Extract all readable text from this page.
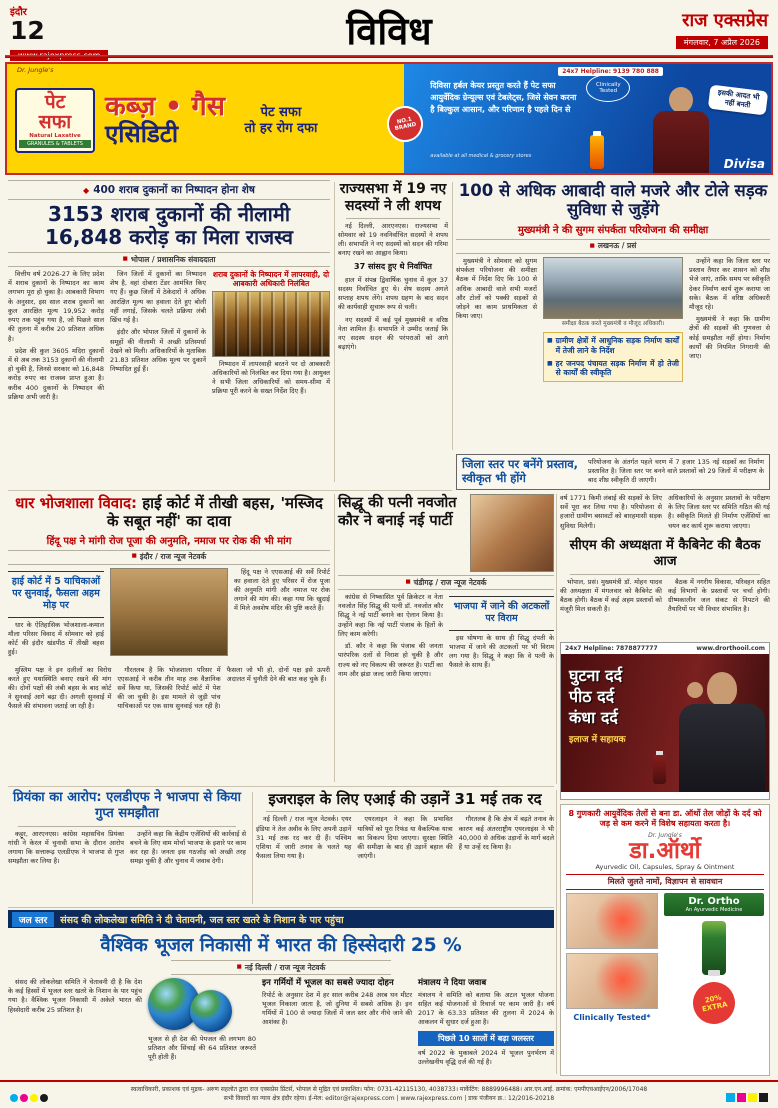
इंदौर
12	विविध	राज एक्सप्रेस
मंगलवार, 7 अप्रैल 2026
Dr. Jungle's
पेट
सफा
Natural Laxative
GRANULES & TABLETS
कब्ज़ • गैस
एसिडिटी
पेट सफा
तो हर रोग दफा	NO.1 BRAND
24x7 Helpline: 9139 780 888
दिविसा हर्बल केयर प्रस्तुत करते हैं पेट सफा आयुर्वेदिक ग्रेन्यूल्स एवं टेबलेट्स, जिसे सेवन करना है बिल्कुल आसान, और परिणाम है पहले दिन से
available at all medical & grocery stores
Clinically Tested	इसकी आदत भी नहीं बनती
Divisa
◆ 400 शराब दुकानों का निष्पादन होना शेष
3153 शराब दुकानों की नीलामी 16,848 करोड़ का मिला राजस्व
■ भोपाल / प्रशासनिक संवाददाता

वित्तीय वर्ष 2026-27 के लिए प्रदेश में शराब दुकानों के निष्पादन का काम लगभग पूरा हो चुका है। आबकारी विभाग के अनुसार, इस साल शराब दुकानों का कुल आरक्षित मूल्य 19,952 करोड़ रुपए तक पहुंच गया है, जो पिछले साल की तुलना में करीब 20 प्रतिशत अधिक है।

प्रदेश की कुल 3605 मदिरा दुकानों में से अब तक 3153 दुकानों की नीलामी हो चुकी है, जिनसे सरकार को 16,848 करोड़ रुपए का राजस्व प्राप्त हुआ है। करीब 400 दुकानों के निष्पादन की प्रक्रिया अभी जारी है।

जिन जिलों में दुकानों का निष्पादन शेष है, वहां दोबारा टेंडर आमंत्रित किए गए हैं। कुछ जिलों में ठेकेदारों ने अधिक आरक्षित मूल्य का हवाला देते हुए बोली नहीं लगाई, जिसके चलते प्रक्रिया लंबी खिंच गई है।

इंदौर और भोपाल जिलों में दुकानों के समूहों की नीलामी में अच्छी प्रतिस्पर्धा देखने को मिली। अधिकारियों के मुताबिक 21.83 प्रतिशत अधिक मूल्य पर दुकानें निष्पादित हुई हैं।

शराब दुकानों के निष्पादन में लापरवाही, दो आबकारी अधिकारी निलंबित

निष्पादन में लापरवाही बरतने पर दो आबकारी अधिकारियों को निलंबित कर दिया गया है। आयुक्त ने सभी जिला अधिकारियों को समय-सीमा में प्रक्रिया पूरी करने के सख्त निर्देश दिए हैं।

राज्यसभा में 19 नए सदस्यों ने ली शपथ

नई दिल्ली, आरएनएस। राज्यसभा में सोमवार को 19 नवनिर्वाचित सदस्यों ने शपथ ली। सभापति ने नए सदस्यों को सदन की गरिमा बनाए रखने का आह्वान किया।

37 सांसद हुए थे निर्वाचित

हाल में संपन्न द्विवार्षिक चुनाव में कुल 37 सदस्य निर्वाचित हुए थे। शेष सदस्य अगले सप्ताह शपथ लेंगे। शपथ ग्रहण के बाद सदन की कार्यवाही सुचारू रूप से चली।

नए सदस्यों में कई पूर्व मुख्यमंत्री व वरिष्ठ नेता शामिल हैं। सभापति ने उम्मीद जताई कि नए सदस्य सदन की परंपराओं को आगे बढ़ाएंगे।

100 से अधिक आबादी वाले मजरे और टोले सड़क सुविधा से जुड़ेंगे
मुख्यमंत्री ने की सुगम संपर्कता परियोजना की समीक्षा
■ लखनऊ / प्रसं

मुख्यमंत्री ने सोमवार को सुगम संपर्कता परियोजना की समीक्षा बैठक में निर्देश दिए कि 100 से अधिक आबादी वाले सभी मजरों और टोलों को पक्की सड़कों से जोड़ने का काम प्राथमिकता से किया जाए।

समीक्षा बैठक करते मुख्यमंत्री व मौजूद अधिकारी।
■ ग्रामीण क्षेत्रों में आधुनिक सड़क निर्माण कार्यों में तेजी लाने के निर्देश
■ हर जनपद पंचायत सड़क निर्माण में हो तेजी से कार्यों की स्वीकृति

उन्होंने कहा कि जिला स्तर पर प्रस्ताव तैयार कर शासन को शीघ्र भेजे जाएं, ताकि समय पर स्वीकृति देकर निर्माण कार्य शुरू कराया जा सके। बैठक में वरिष्ठ अधिकारी मौजूद रहे।

मुख्यमंत्री ने कहा कि ग्रामीण क्षेत्रों की सड़कों की गुणवत्ता से कोई समझौता नहीं होगा। निर्माण कार्यों की नियमित निगरानी की जाए।

जिला स्तर पर बनेंगे प्रस्ताव, स्वीकृत भी होंगे

परियोजना के अंतर्गत पहले चरण में 7 हजार 135 नई सड़कों का निर्माण प्रस्तावित है। जिला स्तर पर बनने वाले प्रस्तावों को 29 जिलों में परीक्षण के बाद शीघ्र स्वीकृति दी जाएगी।

वर्ष 1771 किमी लंबाई की सड़कों के लिए सर्वे पूरा कर लिया गया है। परियोजना से हजारों ग्रामीण बसावटों को बारहमासी सड़क सुविधा मिलेगी।

अधिकारियों के अनुसार प्रस्तावों के परीक्षण के लिए जिला स्तर पर समिति गठित की गई है। स्वीकृति मिलते ही निर्माण एजेंसियों का चयन कर कार्य शुरू कराया जाएगा।

धार भोजशाला विवाद: हाई कोर्ट में तीखी बहस, 'मस्जिद के सबूत नहीं' का दावा
हिंदू पक्ष ने मांगी रोज पूजा की अनुमति, नमाज पर रोक की भी मांग
■ इंदौर / राज न्यूज नेटवर्क
हाई कोर्ट में 5 याचिकाओं पर सुनवाई, फैसला अहम मोड़ पर

धार के ऐतिहासिक भोजशाला-कमाल मौला परिसर विवाद में सोमवार को हाई कोर्ट की इंदौर खंडपीठ में तीखी बहस हुई।

हिंदू पक्ष ने एएसआई की सर्वे रिपोर्ट का हवाला देते हुए परिसर में रोज पूजा की अनुमति मांगी और नमाज पर रोक लगाने की मांग की। कहा गया कि खुदाई में मिले अवशेष मंदिर की पुष्टि करते हैं।

मुस्लिम पक्ष ने इन दलीलों का विरोध करते हुए यथास्थिति बनाए रखने की मांग की। दोनों पक्षों की लंबी बहस के बाद कोर्ट ने सुनवाई आगे बढ़ा दी। अगली सुनवाई में फैसले की संभावना जताई जा रही है।

गौरतलब है कि भोजशाला परिसर में एएसआई ने करीब तीन माह तक वैज्ञानिक सर्वे किया था, जिसकी रिपोर्ट कोर्ट में पेश की जा चुकी है। इस मामले से जुड़ी पांच याचिकाओं पर एक साथ सुनवाई चल रही है। फैसला जो भी हो, दोनों पक्ष इसे ऊपरी अदालत में चुनौती देने की बात कह चुके हैं।

सिद्धू की पत्नी नवजोत कौर ने बनाई नई पार्टी
■ चंडीगढ़ / राज न्यूज नेटवर्क

कांग्रेस से निष्कासित पूर्व क्रिकेटर व नेता नवजोत सिंह सिद्धू की पत्नी डॉ. नवजोत कौर सिद्धू ने नई पार्टी बनाने का ऐलान किया है। उन्होंने कहा कि नई पार्टी पंजाब के हितों के लिए काम करेगी।

डॉ. कौर ने कहा कि पंजाब की जनता पारंपरिक दलों से निराश हो चुकी है और राज्य को नए विकल्प की जरूरत है। पार्टी का नाम और झंडा जल्द जारी किया जाएगा।

भाजपा में जाने की अटकलों पर विराम

इस घोषणा के साथ ही सिद्धू दंपती के भाजपा में जाने की अटकलों पर भी विराम लग गया है। सिद्धू ने कहा कि वे पत्नी के फैसले के साथ हैं।

सीएम की अध्यक्षता में कैबिनेट की बैठक आज

भोपाल, प्रसं। मुख्यमंत्री डॉ. मोहन यादव की अध्यक्षता में मंगलवार को कैबिनेट की बैठक होगी। बैठक में कई अहम प्रस्तावों को मंजूरी मिल सकती है।

बैठक में नगरीय विकास, परिवहन सहित कई विभागों के प्रस्तावों पर चर्चा होगी। ग्रीष्मकालीन जल संकट से निपटने की तैयारियों पर भी विचार संभावित है।

24x7 Helpline: 7878877777	www.drorthooil.com
घुटना दर्द
पीठ दर्द
कंधा दर्द
इलाज में सहायक
प्रियंका का आरोप: एलडीएफ ने भाजपा से किया गुप्त समझौता

कट्टूर, आरएनएस। कांग्रेस महासचिव प्रियंका गांधी ने केरल में चुनावी सभा के दौरान आरोप लगाया कि सत्तारूढ़ एलडीएफ ने भाजपा से गुप्त समझौता कर लिया है।

उन्होंने कहा कि केंद्रीय एजेंसियों की कार्रवाई से बचने के लिए वाम मोर्चा भाजपा के इशारे पर काम कर रहा है। जनता इस गठजोड़ को अच्छी तरह समझ चुकी है और चुनाव में जवाब देगी।

इजराइल के लिए एआई की उड़ानें 31 मई तक रद

नई दिल्ली / राज न्यूज नेटवर्क। एयर इंडिया ने तेल अवीव के लिए अपनी उड़ानें 31 मई तक रद कर दी हैं। पश्चिम एशिया में जारी तनाव के चलते यह फैसला लिया गया है।

एयरलाइन ने कहा कि प्रभावित यात्रियों को पूरा रिफंड या वैकल्पिक यात्रा का विकल्प दिया जाएगा। सुरक्षा स्थिति की समीक्षा के बाद ही उड़ानें बहाल की जाएंगी।

गौरतलब है कि क्षेत्र में बढ़ते तनाव के कारण कई अंतरराष्ट्रीय एयरलाइंस ने भी 40,000 से अधिक उड़ानों के मार्ग बदले हैं या उन्हें रद किया है।

8 गुणकारी आयुर्वेदिक तेलों से बना डा. ऑर्थो तेल जोड़ों के दर्द को जड़ से कम करने में विशेष सहायता करता है।
Dr. Jungle's
डा.ऑर्थो
Ayurvedic Oil, Capsules, Spray & Ointment
मिलते जुलते नामों, विज्ञापन से सावधान
Clinically Tested*
Dr. Ortho
An Ayurvedic Medicine
20% EXTRA
जल स्तर	संसद की लोकलेखा समिति ने दी चेतावनी, जल स्तर खतरे के निशान के पार पहुंचा
वैश्विक भूजल निकासी में भारत की हिस्सेदारी 25 %
■ नई दिल्ली / राज न्यूज नेटवर्क

संसद की लोकलेखा समिति ने चेतावनी दी है कि देश के कई हिस्सों में भूजल स्तर खतरे के निशान के पार पहुंच गया है। वैश्विक भूजल निकासी में अकेले भारत की हिस्सेदारी करीब 25 प्रतिशत है।

भूजल से ही देश की पेयजल की लगभग 80 प्रतिशत और सिंचाई की 64 प्रतिशत जरूरतें पूरी होती हैं।

इन गर्मियों में भूजल का सबसे ज्यादा दोहन

रिपोर्ट के अनुसार देश में हर साल करीब 248 अरब घन मीटर भूजल निकाला जाता है, जो दुनिया में सबसे अधिक है। इन गर्मियों में 100 से ज्यादा जिलों में जल स्तर और नीचे जाने की आशंका है।

मंत्रालय ने दिया जवाब

मंत्रालय ने समिति को बताया कि अटल भूजल योजना सहित कई योजनाओं से रिचार्ज पर काम जारी है। वर्ष 2017 के 63.33 प्रतिशत की तुलना में 2024 के आकलन में सुधार दर्ज हुआ है।

पिछले 10 सालों में बढ़ा जलस्तर

वर्ष 2022 के मुकाबले 2024 में भूजल पुनर्भरण में उल्लेखनीय वृद्धि दर्ज की गई है।

स्वत्वाधिकारी, प्रकाशक एवं मुद्रक- अरुण सहलोत द्वारा राज एक्सप्रेस प्रिंटर्स, भोपाल से मुद्रित एवं प्रकाशित। फोन: 0731-42115130, 4038733। मार्केटिंग: 8889996488। आर.एन.आई. क्रमांक: एमपीएचआईएन/2006/17048
सभी विवादों का न्याय क्षेत्र इंदौर रहेगा। ई-मेल: editor@rajexpress.com | www.rajexpress.com | डाक पंजीयन क्र.: 12/2016-20218
